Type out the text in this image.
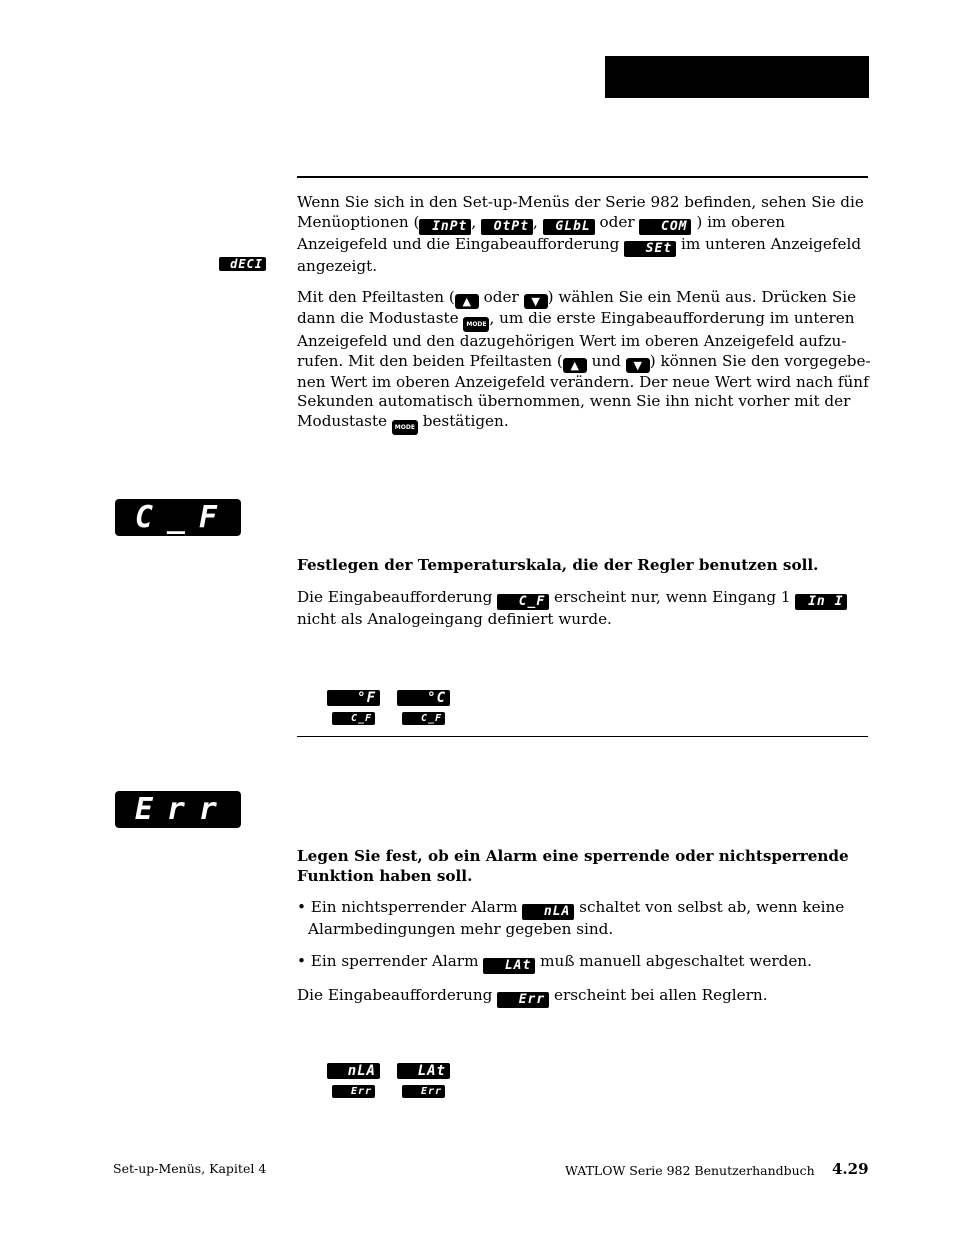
Wenn Sie sich in den Set-up-Menüs der Serie 982 befinden, sehen Sie die Menüoptionen ( InPt , OtPt , GLbL oder COM ) im oberen Anzeigefeld und die Eingabeaufforderung SEt im unteren Anzeigefeld angezeigt.

Mit den Pfeiltasten ( ▲ oder ▼ ) wählen Sie ein Menü aus. Drücken Sie dann die Modustaste MODE , um die erste Eingabeaufforderung im unteren Anzeigefeld und den dazugehörigen Wert im oberen Anzeigefeld aufzu-rufen. Mit den beiden Pfeiltasten ( ▲ und ▼ ) können Sie den vorgegebe-nen Wert im oberen Anzeigefeld verändern. Der neue Wert wird nach fünf Sekunden automatisch übernommen, wenn Sie ihn nicht vorher mit der Modustaste MODE bestätigen.

dECI
C_F

Festlegen der Temperaturskala, die der Regler benutzen soll.

Die Eingabeaufforderung C_F erscheint nur, wenn Eingang 1 In I nicht als Analogeingang definiert wurde.

°F
C_F
°C
C_F
Err

Legen Sie fest, ob ein Alarm eine sperrende oder nichtsperrende Funktion haben soll.

• Ein nichtsperrender Alarm nLA schaltet von selbst ab, wenn keine Alarmbedingungen mehr gegeben sind.
• Ein sperrender Alarm LAt muß manuell abgeschaltet werden.

Die Eingabeaufforderung Err erscheint bei allen Reglern.

nLA
Err
LAt
Err
Set-up-Menüs, Kapitel 4	WATLOW Serie 982 Benutzerhandbuch 4.29
